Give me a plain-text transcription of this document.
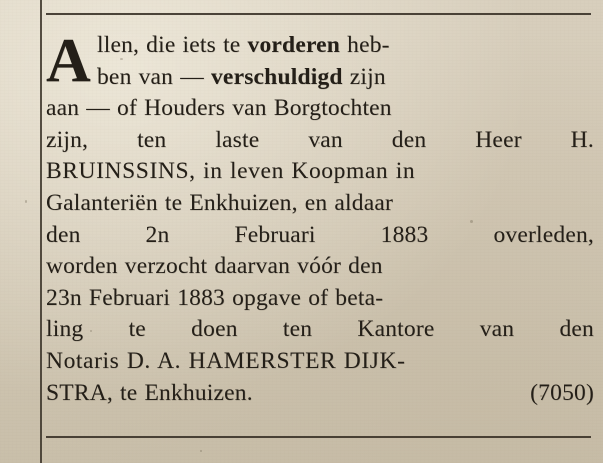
A llen, die iets te vorderen heb-
ben van — verschuldigd zijn
aan — of Houders van Borgtochten
zijn, ten laste van den Heer H.
BRUINSSINS, in leven Koopman in
Galanteriën te Enkhuizen, en aldaar
den	2n	Februari	1883	overleden,
worden verzocht daarvan vóór den
23n Februari 1883 opgave of beta-
ling te doen ten Kantore van den
Notaris D. A. HAMERSTER DIJK-
STRA, te Enkhuizen.	(7050)
